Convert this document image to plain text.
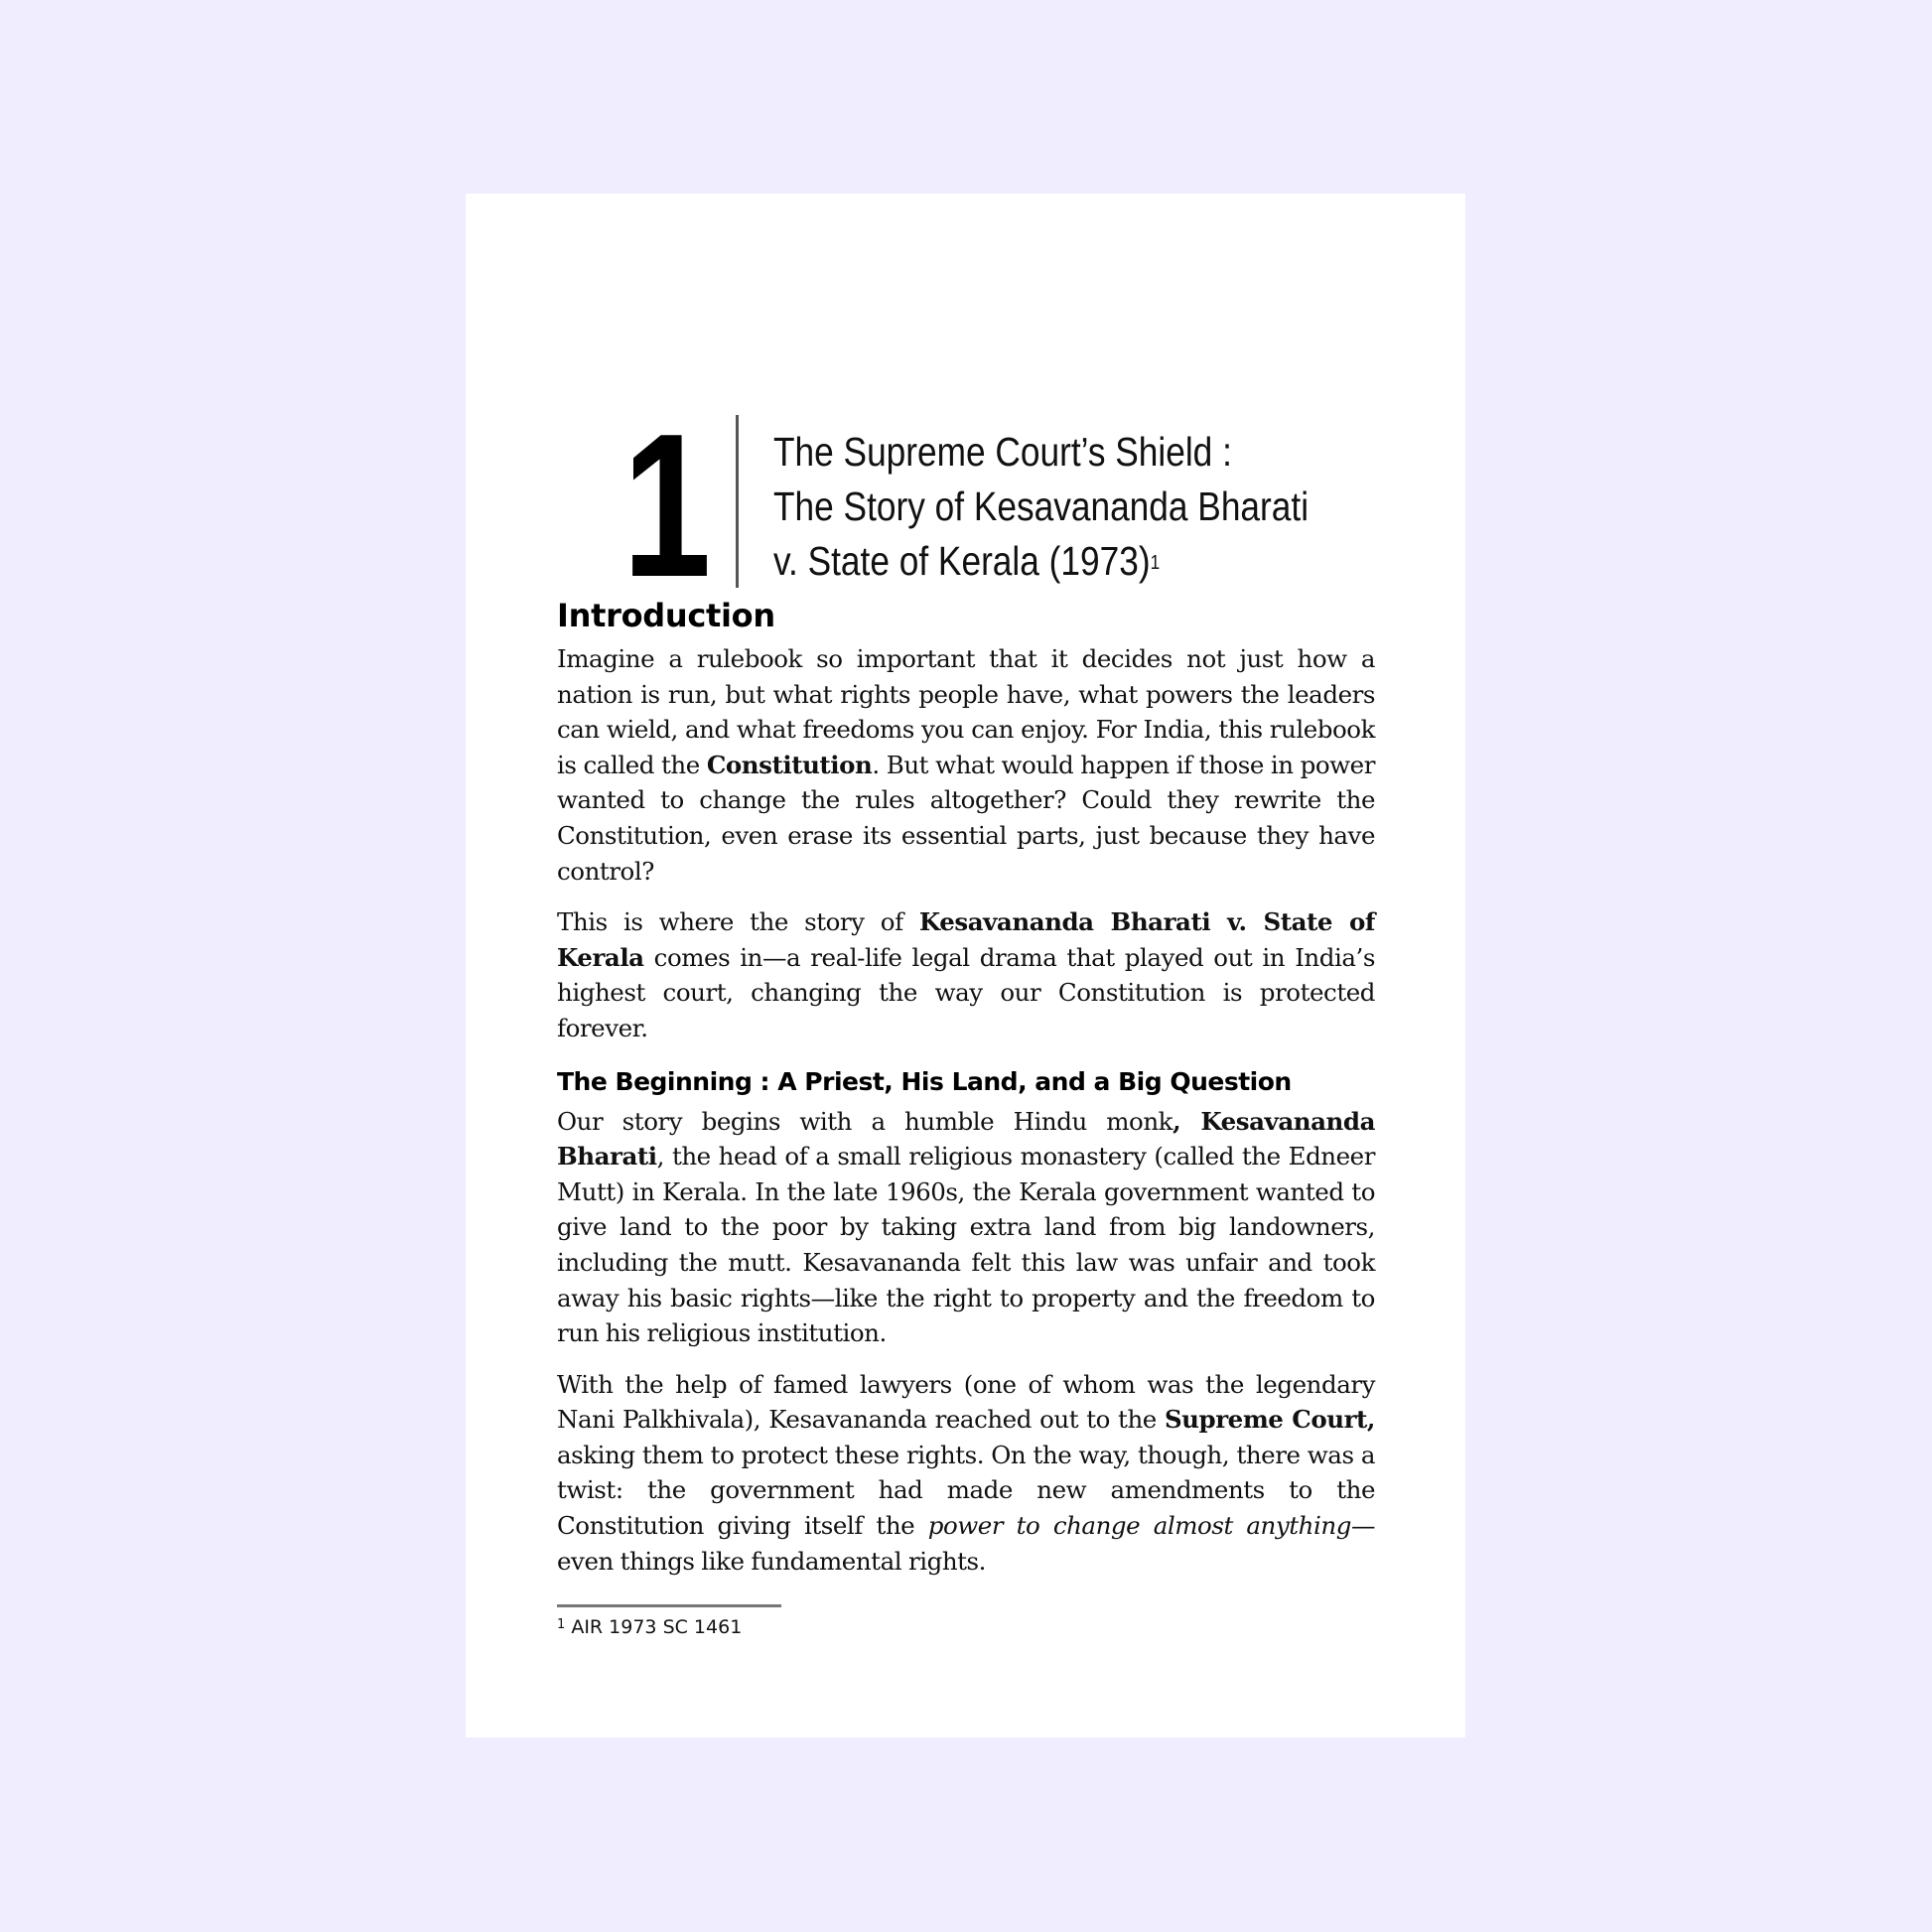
1 The Supreme Court’s Shield :
The Story of Kesavananda Bharati
v. State of Kerala $(1973)^1$
Introduction

Imagine a rulebook so important that it decides not just how a nation is run, but what rights people have, what powers the leaders can wield, and what freedoms you can enjoy. For India, this rulebook is called the Constitution. But what would happen if those in power wanted to change the rules altogether? Could they rewrite the Constitution, even erase its essential parts, just because they have control?

This is where the story of Kesavananda Bharati v. State of Kerala comes in—a real-life legal drama that played out in India’s highest court, changing the way our Constitution is protected forever.

The Beginning : A Priest, His Land, and a Big Question

Our story begins with a humble Hindu monk, Kesavananda Bharati, the head of a small religious monastery (called the Edneer Mutt) in Kerala. In the late 1960s, the Kerala government wanted to give land to the poor by taking extra land from big landowners, including the mutt. Kesavananda felt this law was unfair and took away his basic rights—like the right to property and the freedom to run his religious institution.

With the help of famed lawyers (one of whom was the legendary Nani Palkhivala), Kesavananda reached out to the Supreme Court, asking them to protect these rights. On the way, though, there was a twist: the government had made new amendments to the Constitution giving itself the power to change almost anything—even things like fundamental rights.

$^1$ AIR 1973 SC 1461
